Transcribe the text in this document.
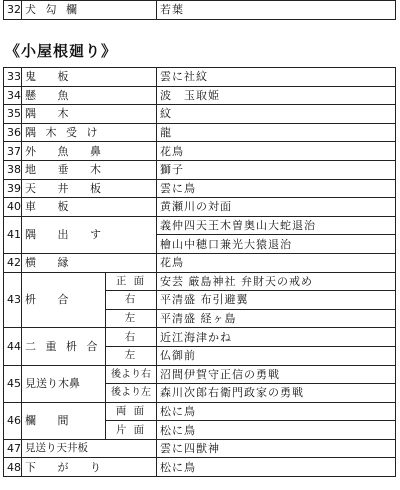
32	犬 勾 欄	若葉
《小屋根廻り》
33	鬼 板		雲に社紋
34	懸 魚		波　玉取姫
35	隅 木		紋
36	隅 木 受 け		龍
37	外 魚 鼻		花鳥
38	地 垂 木		獅子
39	天 井 板		雲に鳥
40	車 板		黄瀬川の対面
41	隅 出 す		義仲四天王木曽奥山大蛇退治
			檜山中穂口兼光大猿退治
42	横 縁		花鳥
43	枡 合	正 面	安芸 厳島神社 弁財天の戒め
		右	平清盛 布引避翼
		左	平清盛 経ヶ島
44	二 重 枡 合	右	近江海津かね
		左	仏御前
45	見送り木鼻	後より右	沼間伊賀守正信の勇戦
		後より左	森川次郎右衛門政家の勇戦
46	欄 間	両 面	松に鳥
		片 面	松に鳥
47	見送り天井板		雲に四獣神
48	下 が り		松に鳥
